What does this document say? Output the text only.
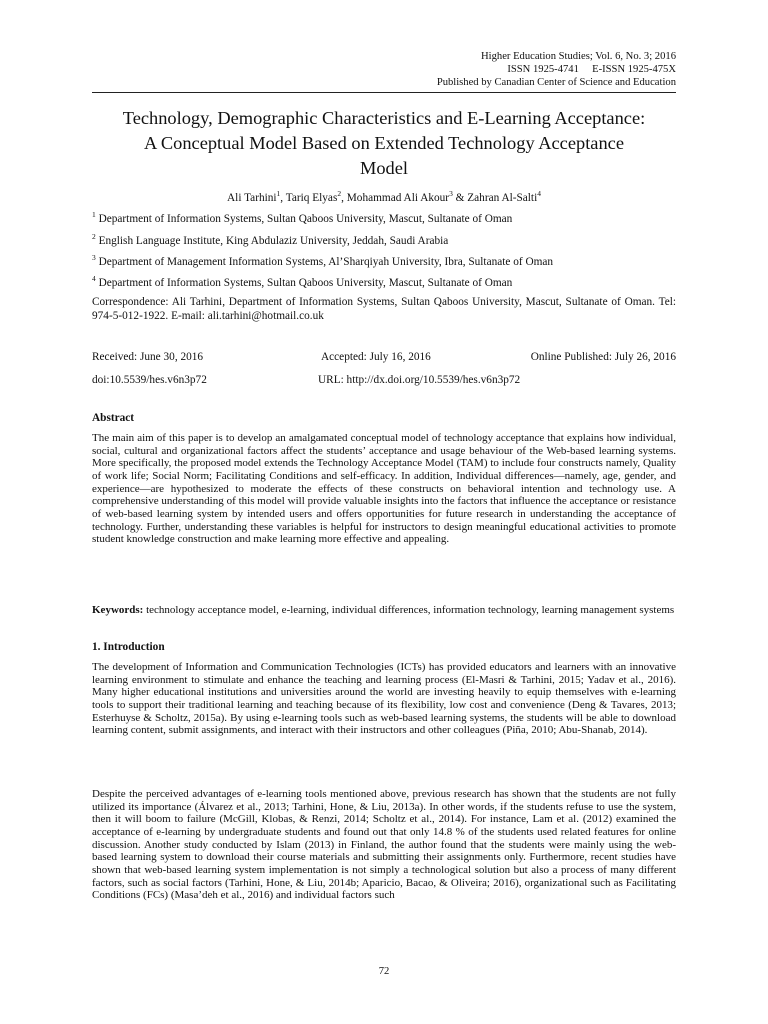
Higher Education Studies; Vol. 6, No. 3; 2016
ISSN 1925-4741     E-ISSN 1925-475X
Published by Canadian Center of Science and Education
Technology, Demographic Characteristics and E-Learning Acceptance:
A Conceptual Model Based on Extended Technology Acceptance
Model
Ali Tarhini$^1$, Tariq Elyas$^2$, Mohammad Ali Akour$^3$ & Zahran Al-Salti$^4$
$^1$ Department of Information Systems, Sultan Qaboos University, Mascut, Sultanate of Oman
$^2$ English Language Institute, King Abdulaziz University, Jeddah, Saudi Arabia
$^3$ Department of Management Information Systems, Al’Sharqiyah University, Ibra, Sultanate of Oman
$^4$ Department of Information Systems, Sultan Qaboos University, Mascut, Sultanate of Oman
Correspondence: Ali Tarhini, Department of Information Systems, Sultan Qaboos University, Mascut, Sultanate of Oman. Tel: 974-5-012-1922. E-mail: ali.tarhini@hotmail.co.uk
Received: June 30, 2016	Accepted: July 16, 2016	Online Published: July 26, 2016
doi:10.5539/hes.v6n3p72	URL: http://dx.doi.org/10.5539/hes.v6n3p72
Abstract

The main aim of this paper is to develop an amalgamated conceptual model of technology acceptance that explains how individual, social, cultural and organizational factors affect the students’ acceptance and usage behaviour of the Web-based learning systems. More specifically, the proposed model extends the Technology Acceptance Model (TAM) to include four constructs namely, Quality of work life; Social Norm; Facilitating Conditions and self-efficacy. In addition, Individual differences—namely, age, gender, and experience—are hypothesized to moderate the effects of these constructs on behavioral intention and technology use. A comprehensive understanding of this model will provide valuable insights into the factors that influence the acceptance or resistance of web-based learning system by intended users and offers opportunities for future research in understanding the acceptance of technology. Further, understanding these variables is helpful for instructors to design meaningful educational activities to promote student knowledge construction and make learning more effective and appealing.

Keywords: technology acceptance model, e-learning, individual differences, information technology, learning management systems

1. Introduction

The development of Information and Communication Technologies (ICTs) has provided educators and learners with an innovative learning environment to stimulate and enhance the teaching and learning process (El-Masri & Tarhini, 2015; Yadav et al., 2016). Many higher educational institutions and universities around the world are investing heavily to equip themselves with e-learning tools to support their traditional learning and teaching because of its flexibility, low cost and convenience (Deng & Tavares, 2013; Esterhuyse & Scholtz, 2015a). By using e-learning tools such as web-based learning systems, the students will be able to download learning content, submit assignments, and interact with their instructors and other colleagues (Piña, 2010; Abu-Shanab, 2014).

Despite the perceived advantages of e-learning tools mentioned above, previous research has shown that the students are not fully utilized its importance (Álvarez et al., 2013; Tarhini, Hone, & Liu, 2013a). In other words, if the students refuse to use the system, then it will boom to failure (McGill, Klobas, & Renzi, 2014; Scholtz et al., 2014). For instance, Lam et al. (2012) examined the acceptance of e-learning by undergraduate students and found out that only 14.8 % of the students used related features for online discussion. Another study conducted by Islam (2013) in Finland, the author found that the students were mainly using the web-based learning system to download their course materials and submitting their assignments only. Furthermore, recent studies have shown that web-based learning system implementation is not simply a technological solution but also a process of many different factors, such as social factors (Tarhini, Hone, & Liu, 2014b; Aparicio, Bacao, & Oliveira; 2016), organizational such as Facilitating Conditions (FCs) (Masa’deh et al., 2016) and individual factors such

72
